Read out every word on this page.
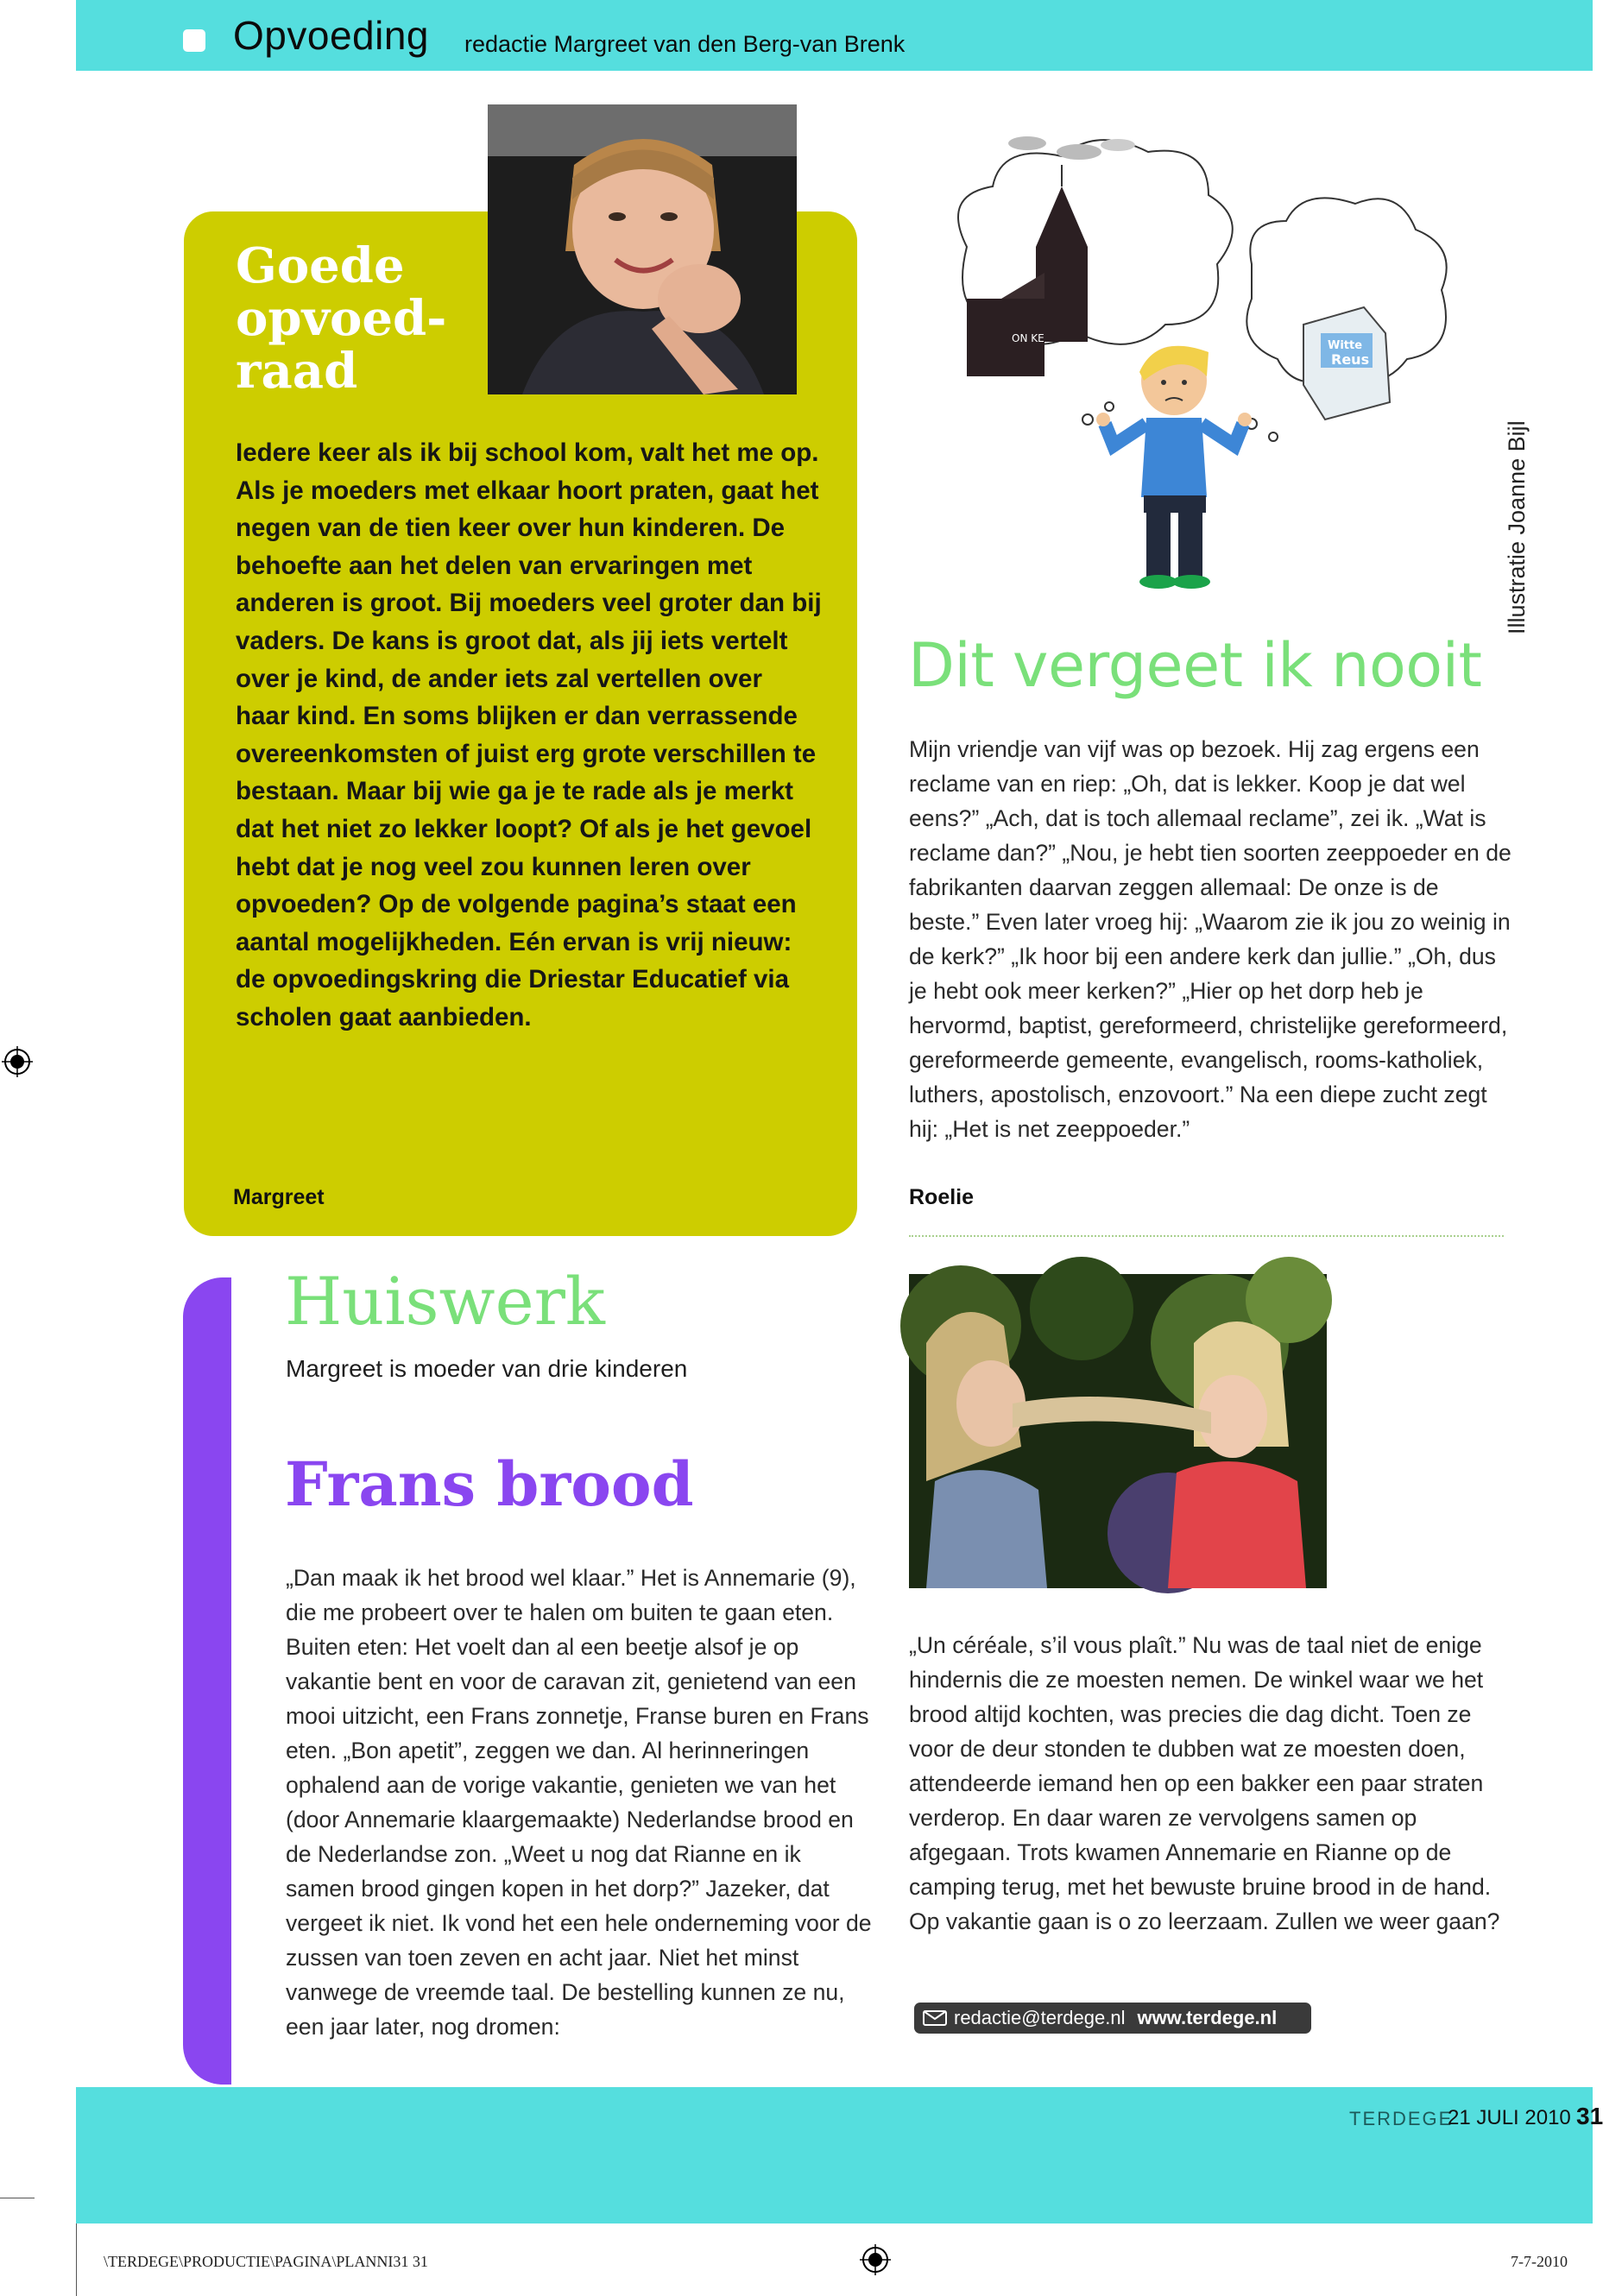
Opvoeding redactie Margreet van den Berg-van Brenk
Goede
opvoed-
raad
Iedere keer als ik bij school kom, valt het me op. Als je moeders met elkaar hoort praten, gaat het negen van de tien keer over hun kinderen. De behoefte aan het delen van ervaringen met anderen is groot. Bij moeders veel groter dan bij vaders. De kans is groot dat, als jij iets vertelt over je kind, de ander iets zal vertellen over haar kind. En soms blijken er dan verrassende overeenkomsten of juist erg grote verschillen te bestaan. Maar bij wie ga je te rade als je merkt dat het niet zo lekker loopt? Of als je het gevoel hebt dat je nog veel zou kunnen leren over opvoeden? Op de volgende pagina’s staat een aantal mogelijkheden. Eén ervan is vrij nieuw: de opvoedingskring die Driestar Educatief via scholen gaat aanbieden.
Margreet
ON KE
Witte
Reus
Illustratie Joanne Bijl
Dit vergeet ik nooit
Mijn vriendje van vijf was op bezoek. Hij zag ergens een reclame van en riep: „Oh, dat is lekker. Koop je dat wel eens?” „Ach, dat is toch allemaal reclame”, zei ik. „Wat is reclame dan?” „Nou, je hebt tien soorten zeeppoeder en de fabrikanten daarvan zeggen allemaal: De onze is de beste.” Even later vroeg hij: „Waarom zie ik jou zo weinig in de kerk?” „Ik hoor bij een andere kerk dan jullie.” „Oh, dus je hebt ook meer kerken?” „Hier op het dorp heb je hervormd, baptist, gereformeerd, christelijke gereformeerd, gereformeerde gemeente, evangelisch, rooms-katholiek, luthers, apostolisch, enzovoort.” Na een diepe zucht zegt hij: „Het is net zeeppoeder.”
Roelie
Huiswerk
Margreet is moeder van drie kinderen
Frans brood
„Dan maak ik het brood wel klaar.” Het is Annemarie (9), die me probeert over te halen om buiten te gaan eten. Buiten eten: Het voelt dan al een beetje alsof je op vakantie bent en voor de caravan zit, genietend van een mooi uitzicht, een Frans zonnetje, Franse buren en Frans eten. „Bon apetit”, zeggen we dan. Al herinneringen ophalend aan de vorige vakantie, genieten we van het (door Annemarie klaargemaakte) Nederlandse brood en de Nederlandse zon. „Weet u nog dat Rianne en ik samen brood gingen kopen in het dorp?” Jazeker, dat vergeet ik niet. Ik vond het een hele onderneming voor de zussen van toen zeven en acht jaar. Niet het minst vanwege de vreemde taal. De bestelling kunnen ze nu, een jaar later, nog dromen:
„Un céréale, s’il vous plaît.” Nu was de taal niet de enige hindernis die ze moesten nemen. De winkel waar we het brood altijd kochten, was precies die dag dicht. Toen ze voor de deur stonden te dubben wat ze moesten doen, attendeerde iemand hen op een bakker een paar straten verderop. En daar waren ze vervolgens samen op afgegaan. Trots kwamen Annemarie en Rianne op de camping terug, met het bewuste bruine brood in de hand. Op vakantie gaan is o zo leerzaam. Zullen we weer gaan?
redactie@terdege.nl www.terdege.nl
TERDEGE
21 JULI 2010 31
\TERDEGE\PRODUCTIE\PAGINA\PLANNI31 31	7-7-2010
